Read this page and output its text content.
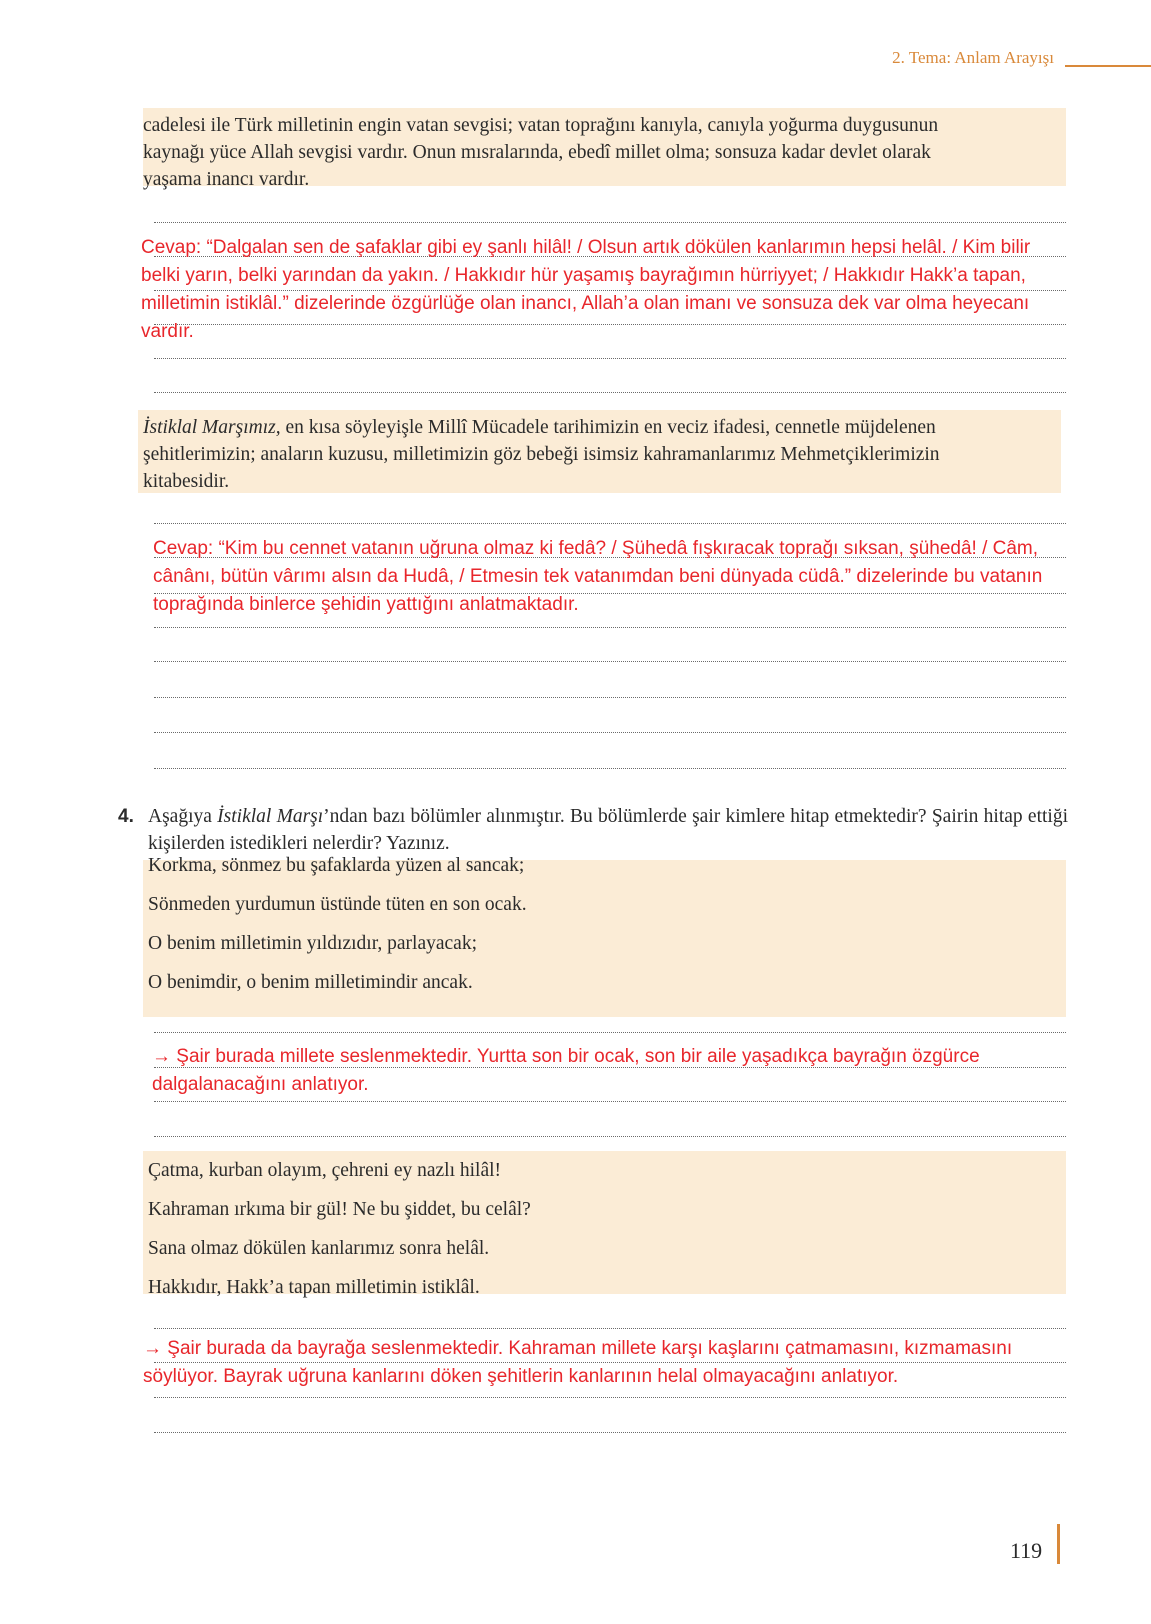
2. Tema: Anlam Arayışı

cadelesi ile Türk milletinin engin vatan sevgisi; vatan toprağını kanıyla, canıyla yoğurma duygusunun

kaynağı yüce Allah sevgisi vardır. Onun mısralarında, ebedî millet olma; sonsuza kadar devlet olarak

yaşama inancı vardır.

Cevap: “Dalgalan sen de şafaklar gibi ey şanlı hilâl! / Olsun artık dökülen kanlarımın hepsi helâl. / Kim bilir
belki yarın, belki yarından da yakın. / Hakkıdır hür yaşamış bayrağımın hürriyyet; / Hakkıdır Hakk’a tapan,
milletimin istiklâl.” dizelerinde özgürlüğe olan inancı, Allah’a olan imanı ve sonsuza dek var olma heyecanı
vardır.

İstiklal Marşımız, en kısa söyleyişle Millî Mücadele tarihimizin en veciz ifadesi, cennetle müjdelenen

şehitlerimizin; anaların kuzusu, milletimizin göz bebeği isimsiz kahramanlarımız Mehmetçiklerimizin

kitabesidir.

Cevap: “Kim bu cennet vatanın uğruna olmaz ki fedâ? / Şühedâ fışkıracak toprağı sıksan, şühedâ! / Câm,
cânânı, bütün vârımı alsın da Hudâ, / Etmesin tek vatanımdan beni dünyada cüdâ.” dizelerinde bu vatanın
toprağında binlerce şehidin yattığını anlatmaktadır.
4. Aşağıya İstiklal Marşı’ndan bazı bölümler alınmıştır. Bu bölümlerde şair kimlere hitap etmektedir? Şairin hitap ettiği kişilerden istedikleri nelerdir? Yazınız.

Korkma, sönmez bu şafaklarda yüzen al sancak;

Sönmeden yurdumun üstünde tüten en son ocak.

O benim milletimin yıldızıdır, parlayacak;

O benimdir, o benim milletimindir ancak.

→ Şair burada millete seslenmektedir. Yurtta son bir ocak, son bir aile yaşadıkça bayrağın özgürce
dalgalanacağını anlatıyor.

Çatma, kurban olayım, çehreni ey nazlı hilâl!

Kahraman ırkıma bir gül! Ne bu şiddet, bu celâl?

Sana olmaz dökülen kanlarımız sonra helâl.

Hakkıdır, Hakk’a tapan milletimin istiklâl.

→ Şair burada da bayrağa seslenmektedir. Kahraman millete karşı kaşlarını çatmamasını, kızmamasını
söylüyor. Bayrak uğruna kanlarını döken şehitlerin kanlarının helal olmayacağını anlatıyor.
119
